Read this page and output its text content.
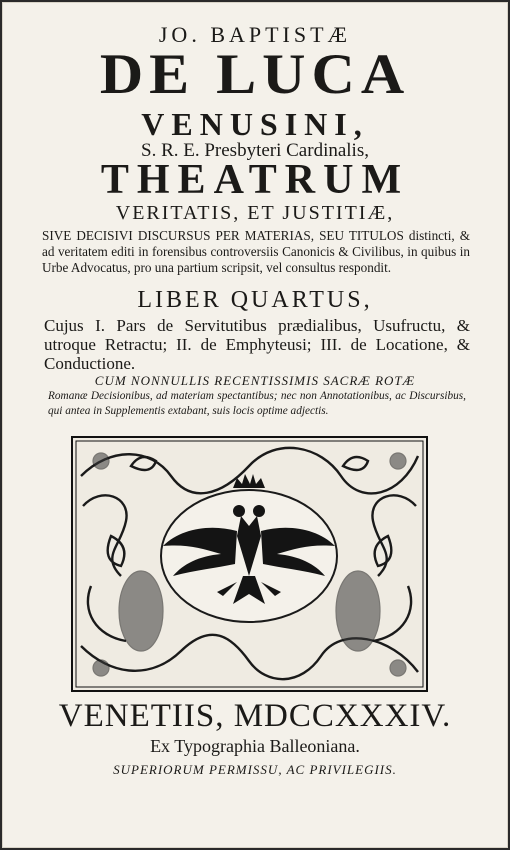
JO. BAPTISTÆ

DE LUCA

VENUSINI,

S. R. E. Presbyteri Cardinalis,

THEATRUM

VERITATIS, ET JUSTITIÆ,

SIVE DECISIVI DISCURSUS PER MATERIAS, SEU TITULOS distincti, & ad veritatem editi in forensibus controversiis Canonicis & Civilibus, in quibus in Urbe Advocatus, pro una partium scripsit, vel consultus respondit.

LIBER QUARTUS,

Cujus I. Pars de Servitutibus prædialibus, Usufructu, & utroque Retractu; II. de Emphyteusi; III. de Locatione, & Conductione.

CUM NONNULLIS RECENTISSIMIS SACRÆ ROTÆ

Romanæ Decisionibus, ad materiam spectantibus; nec non Annotationibus, ac Discursibus, qui antea in Supplementis extabant, suis locis optime adjectis.

VENETIIS, MDCCXXXIV.

Ex Typographia Balleoniana.

SUPERIORUM PERMISSU, AC PRIVILEGIIS.
